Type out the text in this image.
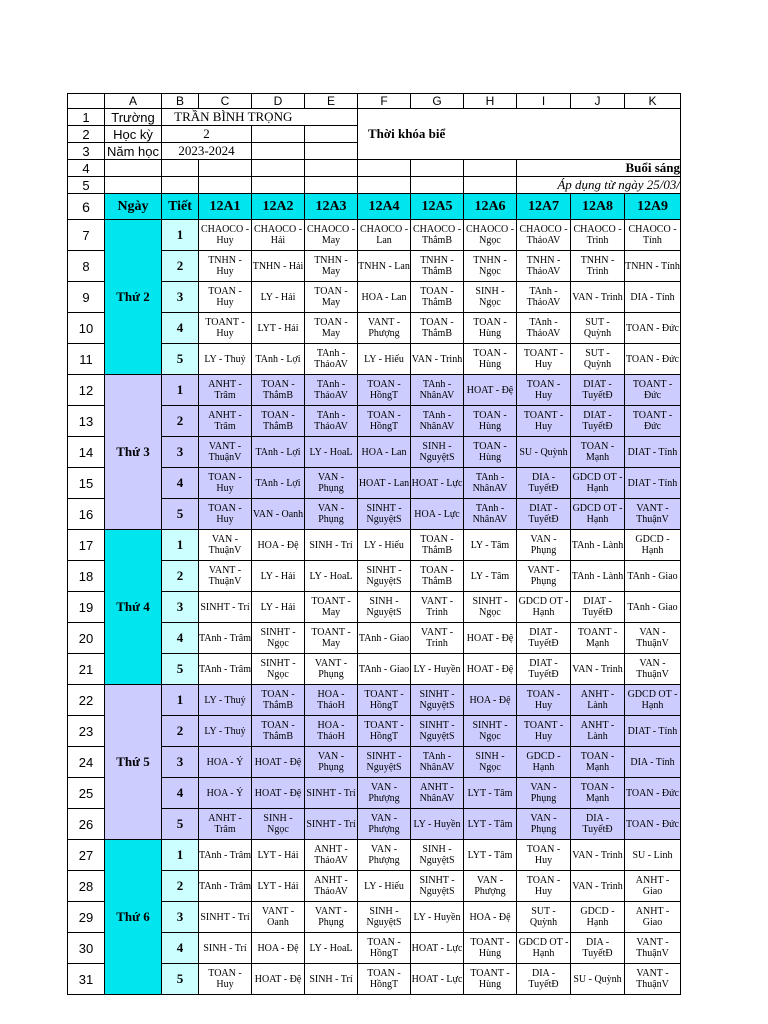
	A	B	C	D	E	F	G	H	I	J	K
1	Trường	TRẦN BÌNH TRỌNG				Thời khóa biể					
2	Học kỳ	2									
3	Năm học	2023-2024									
4									Buổi sáng		
5									Áp dụng từ ngày 25/03/		
6	Ngày	Tiết	12A1	12A2	12A3	12A4	12A5	12A6	12A7	12A8	12A9
7	Thứ 2	1	CHAOCO - Huy	CHAOCO - Hải	CHAOCO - May	CHAOCO - Lan	CHAOCO - ThắmB	CHAOCO - Ngọc	CHAOCO - ThảoAV	CHAOCO - Trinh	CHAOCO - Tính

8		2	TNHN - Huy	TNHN - Hải	TNHN - May	TNHN - Lan	TNHN - ThắmB	TNHN - Ngọc	TNHN - ThảoAV	TNHN - Trinh	TNHN - Tính

9		3	TOAN - Huy	LY - Hải	TOAN - May	HOA - Lan	TOAN - ThắmB	SINH - Ngọc	TAnh - ThảoAV	VAN - Trinh	DIA - Tính

10		4	TOANT - Huy	LYT - Hải	TOAN - May	VANT - Phượng	TOAN - ThắmB	TOAN - Hùng	TAnh - ThảoAV	SUT - Quỳnh	TOAN - Đức

11		5	LY - Thuỷ	TAnh - Lợi	TAnh - ThảoAV	LY - Hiếu	VAN - Trinh	TOAN - Hùng	TOANT - Huy	SUT - Quỳnh	TOAN - Đức

12	Thứ 3	1	ANHT - Trâm	TOAN - ThắmB	TAnh - ThảoAV	TOAN - HồngT	TAnh - NhânAV	HOAT - Đệ	TOAN - Huy	DIAT - TuyếtĐ	TOANT - Đức

13		2	ANHT - Trâm	TOAN - ThắmB	TAnh - ThảoAV	TOAN - HồngT	TAnh - NhânAV	TOAN - Hùng	TOANT - Huy	DIAT - TuyếtĐ	TOANT - Đức

14		3	VANT - ThuậnV	TAnh - Lợi	LY - HoaL	HOA - Lan	SINH - NguyệtS	TOAN - Hùng	SU - Quỳnh	TOAN - Mạnh	DIAT - Tính

15		4	TOAN - Huy	TAnh - Lợi	VAN - Phụng	HOAT - Lan	HOAT - Lực	TAnh - NhânAV	DIA - TuyếtĐ	GDCD OT - Hạnh	DIAT - Tính

16		5	TOAN - Huy	VAN - Oanh	VAN - Phụng	SINHT - NguyệtS	HOA - Lực	TAnh - NhânAV	DIAT - TuyếtĐ	GDCD OT - Hạnh	VANT - ThuậnV

17	Thứ 4	1	VAN - ThuậnV	HOA - Đệ	SINH - Trí	LY - Hiếu	TOAN - ThắmB	LY - Tâm	VAN - Phụng	TAnh - Lành	GDCD - Hạnh

18		2	VANT - ThuậnV	LY - Hải	LY - HoaL	SINHT - NguyệtS	TOAN - ThắmB	LY - Tâm	VANT - Phụng	TAnh - Lành	TAnh - Giao

19		3	SINHT - Trí	LY - Hải	TOANT - May	SINH - NguyệtS	VANT - Trinh	SINHT - Ngọc	GDCD OT - Hạnh	DIAT - TuyếtĐ	TAnh - Giao

20		4	TAnh - Trâm	SINHT - Ngọc	TOANT - May	TAnh - Giao	VANT - Trinh	HOAT - Đệ	DIAT - TuyếtĐ	TOANT - Mạnh	VAN - ThuậnV

21		5	TAnh - Trâm	SINHT - Ngọc	VANT - Phụng	TAnh - Giao	LY - Huyền	HOAT - Đệ	DIAT - TuyếtĐ	VAN - Trinh	VAN - ThuậnV

22	Thứ 5	1	LY - Thuỷ	TOAN - ThắmB	HOA - ThảoH	TOANT - HồngT	SINHT - NguyệtS	HOA - Đệ	TOAN - Huy	ANHT - Lành	GDCD OT - Hạnh

23		2	LY - Thuỷ	TOAN - ThắmB	HOA - ThảoH	TOANT - HồngT	SINHT - NguyệtS	SINHT - Ngọc	TOANT - Huy	ANHT - Lành	DIAT - Tính

24		3	HOA - Ý	HOAT - Đệ	VAN - Phụng	SINHT - NguyệtS	TAnh - NhânAV	SINH - Ngọc	GDCD - Hạnh	TOAN - Mạnh	DIA - Tính

25		4	HOA - Ý	HOAT - Đệ	SINHT - Trí	VAN - Phượng	ANHT - NhânAV	LYT - Tâm	VAN - Phụng	TOAN - Mạnh	TOAN - Đức

26		5	ANHT - Trâm	SINH - Ngọc	SINHT - Trí	VAN - Phượng	LY - Huyền	LYT - Tâm	VAN - Phụng	DIA - TuyếtĐ	TOAN - Đức

27	Thứ 6	1	TAnh - Trâm	LYT - Hải	ANHT - ThảoAV	VAN - Phượng	SINH - NguyệtS	LYT - Tâm	TOAN - Huy	VAN - Trinh	SU - Linh

28		2	TAnh - Trâm	LYT - Hải	ANHT - ThảoAV	LY - Hiếu	SINHT - NguyệtS	VAN - Phượng	TOAN - Huy	VAN - Trinh	ANHT - Giao

29		3	SINHT - Trí	VANT - Oanh	VANT - Phụng	SINH - NguyệtS	LY - Huyền	HOA - Đệ	SUT - Quỳnh	GDCD - Hạnh	ANHT - Giao

30		4	SINH - Trí	HOA - Đệ	LY - HoaL	TOAN - HồngT	HOAT - Lực	TOANT - Hùng	GDCD OT - Hạnh	DIA - TuyếtĐ	VANT - ThuậnV

31		5	TOAN - Huy	HOAT - Đệ	SINH - Trí	TOAN - HồngT	HOAT - Lực	TOANT - Hùng	DIA - TuyếtĐ	SU - Quỳnh	VANT - ThuậnV
